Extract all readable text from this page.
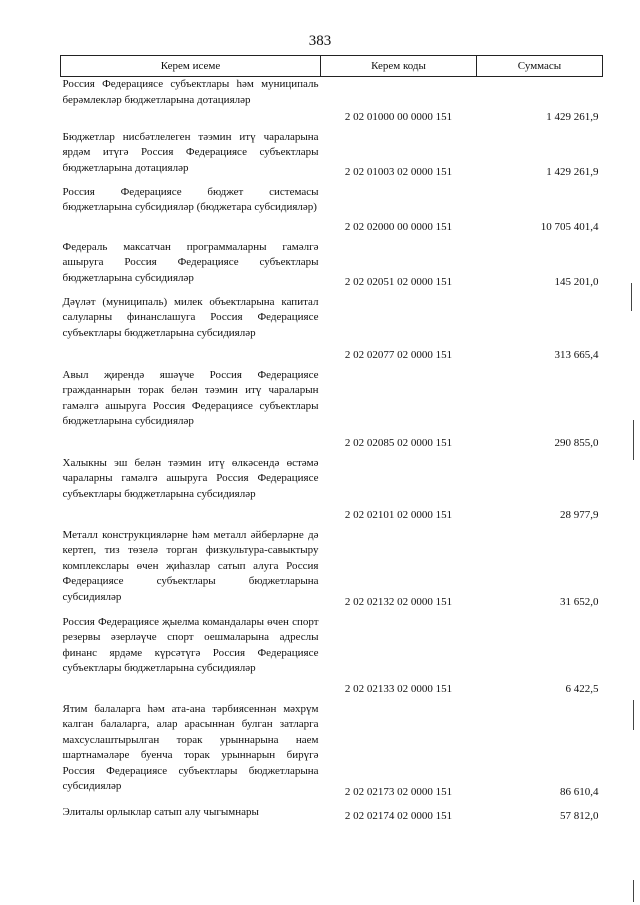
383
Керем исеме	Керем коды	Суммасы
Россия Федерациясе субъектлары һәм муниципаль берәмлекләр бюджетларына дотацияләр	2 02 01000 00 0000 151	1 429 261,9
Бюджетлар нисбәтлелеген тәэмин итү чараларына ярдәм итүгә Россия Федерациясе субъектлары бюджетларына дотацияләр	2 02 01003 02 0000 151	1 429 261,9
Россия Федерациясе бюджет системасы бюджетларына субсидияләр (бюджетара субсидияләр)	2 02 02000 00 0000 151	10 705 401,4
Федераль максатчан программаларны гамәлгә ашыруга Россия Федерациясе субъектлары бюджетларына субсидияләр	2 02 02051 02 0000 151	145 201,0
Дәүләт (муниципаль) милек объектларына капитал салуларны финанслашуга Россия Федерациясе субъектлары бюджетларына субсидияләр	2 02 02077 02 0000 151	313 665,4
Авыл җирендә яшәүче Россия Федерациясе гражданнарын торак белән тәэмин итү чараларын гамәлгә ашыруга Россия Федерациясе субъектлары бюджетларына субсидияләр	2 02 02085 02 0000 151	290 855,0
Халыкны эш белән тәэмин итү өлкәсендә өстәмә чараларны гамәлгә ашыруга Россия Федерациясе субъектлары бюджетларына субсидияләр	2 02 02101 02 0000 151	28 977,9
Металл конструкцияләрне һәм металл әйберләрне дә кертеп, тиз төзелә торган физкультура-савыктыру комплекслары өчен җиһазлар сатып алуга Россия Федерациясе субъектлары бюджетларына субсидияләр	2 02 02132 02 0000 151	31 652,0
Россия Федерациясе җыелма командалары өчен спорт резервы әзерләүче спорт оешмаларына адреслы финанс ярдәме күрсәтүгә Россия Федерациясе субъектлары бюджетларына субсидияләр	2 02 02133 02 0000 151	6 422,5
Ятим балаларга һәм ата-ана тәрбиясеннән мәхрүм калган балаларга, алар арасыннан булган затларга махсуслаштырылган торак урыннарына наем шартнамәләре буенча торак урыннарын бирүгә Россия Федерациясе субъектлары бюджетларына субсидияләр	2 02 02173 02 0000 151	86 610,4
Элиталы орлыклар сатып алу чыгымнары	2 02 02174 02 0000 151	57 812,0
